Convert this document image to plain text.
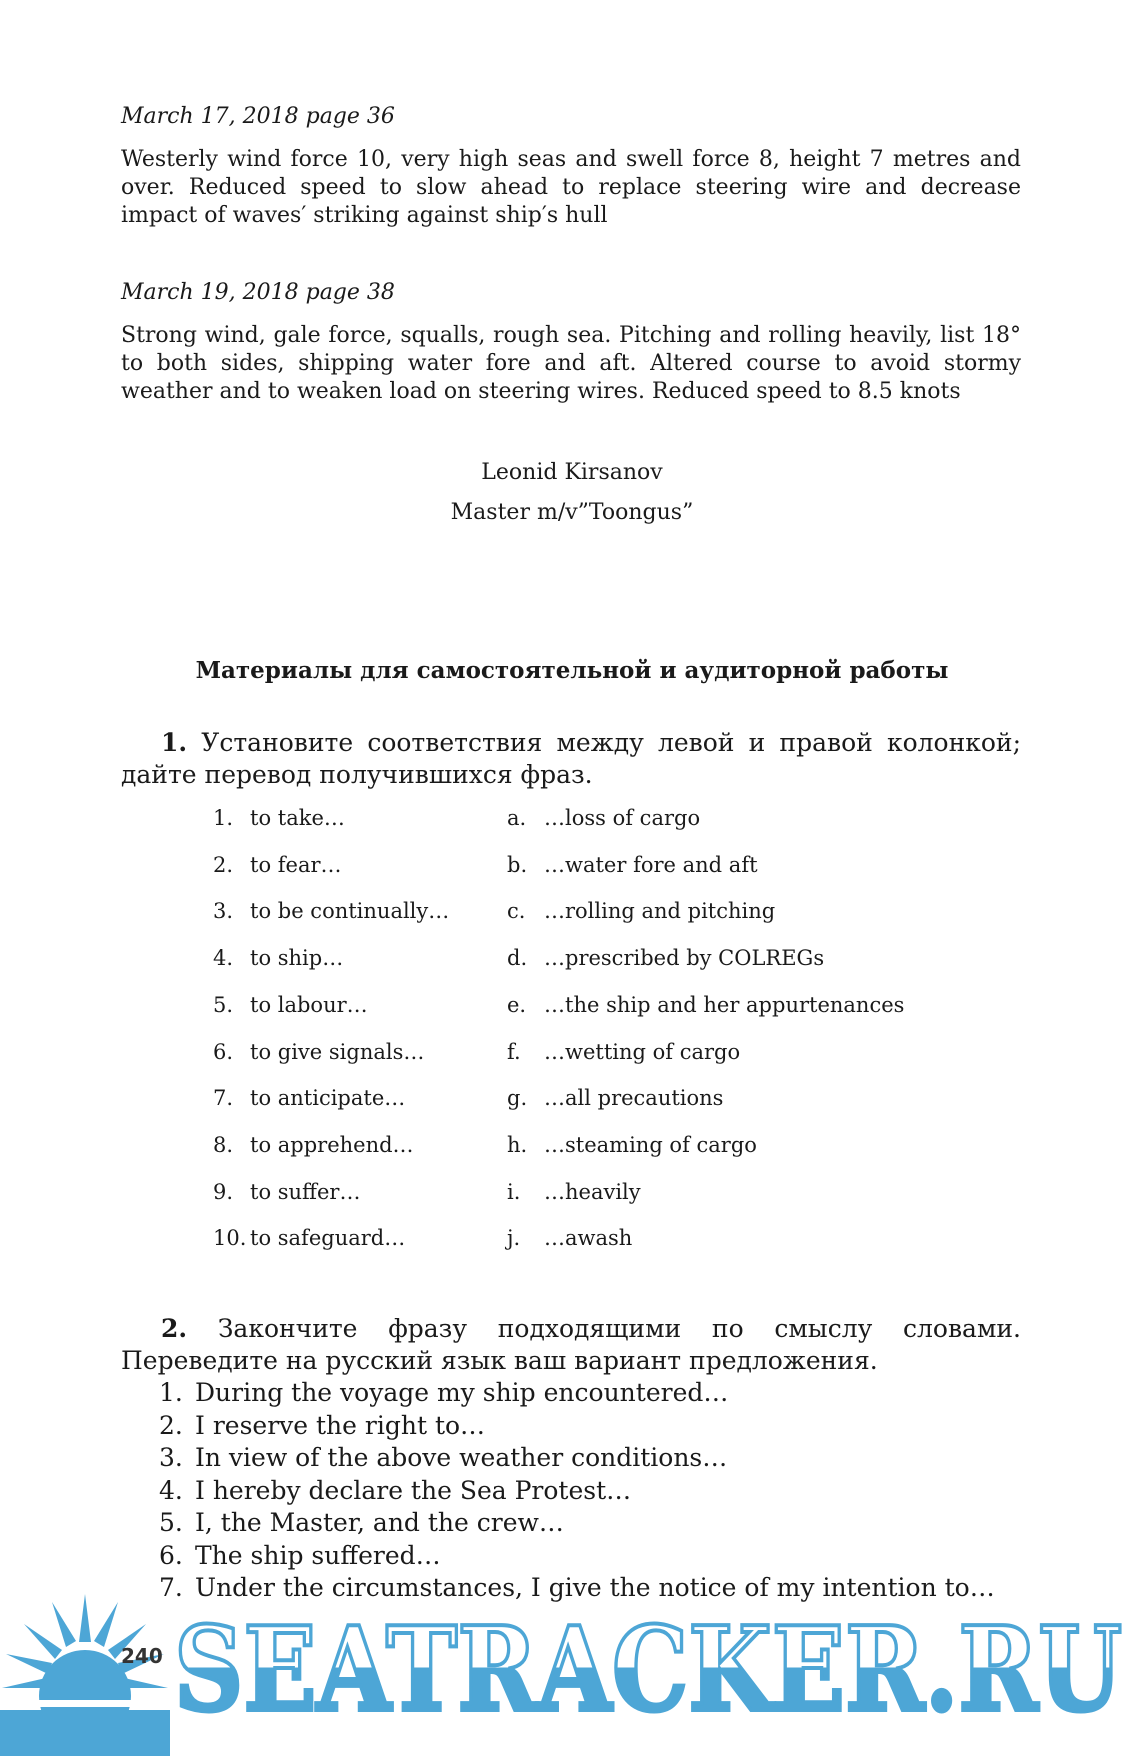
March 17, 2018 page 36
Westerly wind force 10, very high seas and swell force 8, height 7 metres and over. Reduced speed to slow ahead to replace steering wire and decrease impact of waves′ striking against ship′s hull
March 19, 2018 page 38
Strong wind, gale force, squalls, rough sea. Pitching and rolling heavily, list 18° to both sides, shipping water fore and aft. Altered course to avoid stormy weather and to weaken load on steering wires. Reduced speed to 8.5 knots
Leonid Kirsanov
Master m/v”Toongus”
Материалы для самостоятельной и аудиторной работы
1. Установите соответствия между левой и правой колонкой; дайте перевод получившихся фраз.
1. to take…	a. …loss of cargo
2. to fear…	b. …water fore and aft
3. to be continually…	c. …rolling and pitching
4. to ship…	d. …prescribed by COLREGs
5. to labour…	e. …the ship and her appurtenances
6. to give signals…	f. …wetting of cargo
7. to anticipate…	g. …all precautions
8. to apprehend…	h. …steaming of cargo
9. to suffer…	i. …heavily
10. to safeguard…	j. …awash
2. Закончите фразу подходящими по смыслу словами. Переведите на русский язык ваш вариант предложения.
1. During the voyage my ship encountered…
2. I reserve the right to…
3. In view of the above weather conditions…
4. I hereby declare the Sea Protest…
5. I, the Master, and the crew…
6. The ship suffered…
7. Under the circumstances, I give the notice of my intention to…
240 SEATRACKER.RU
